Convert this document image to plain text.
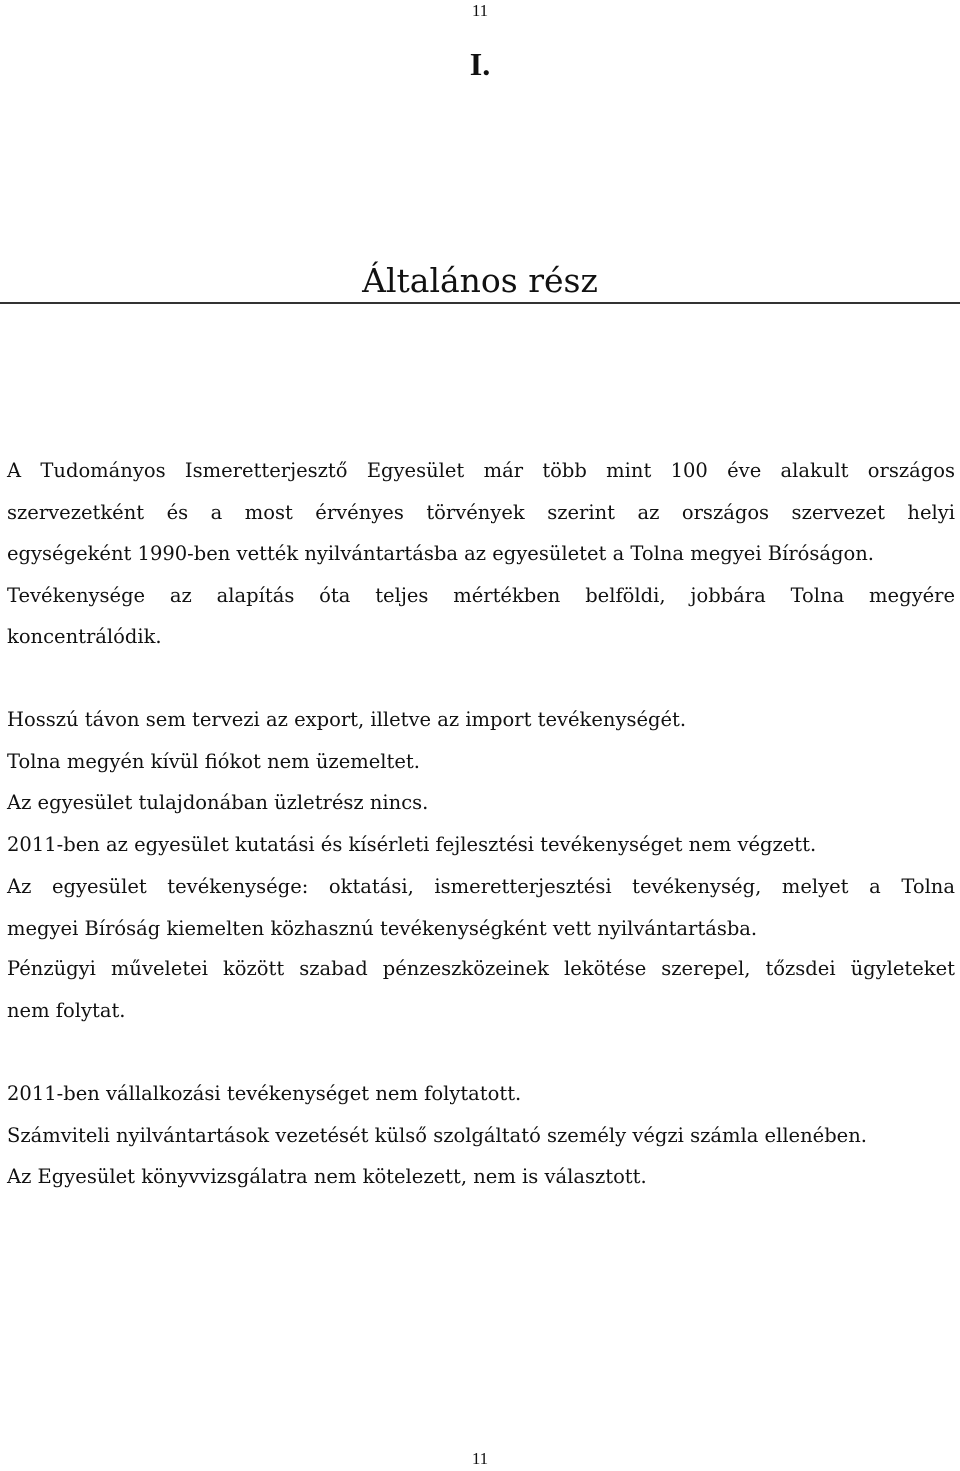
11
I.
Általános rész
A Tudományos Ismeretterjesztő Egyesület már több mint 100 éve alakult országos
szervezetként és a most érvényes törvények szerint az országos szervezet helyi
egységeként 1990-ben vették nyilvántartásba az egyesületet a Tolna megyei Bíróságon.
Tevékenysége az alapítás óta teljes mértékben belföldi, jobbára Tolna megyére
koncentrálódik.
Hosszú távon sem tervezi az export, illetve az import tevékenységét.
Tolna megyén kívül fiókot nem üzemeltet.
Az egyesület tulajdonában üzletrész nincs.
2011-ben az egyesület kutatási és kísérleti fejlesztési tevékenységet nem végzett.
Az egyesület tevékenysége: oktatási, ismeretterjesztési tevékenység, melyet a Tolna
megyei Bíróság kiemelten közhasznú tevékenységként vett nyilvántartásba.
Pénzügyi műveletei között szabad pénzeszközeinek lekötése szerepel, tőzsdei ügyleteket
nem folytat.
2011-ben vállalkozási tevékenységet nem folytatott.
Számviteli nyilvántartások vezetését külső szolgáltató személy végzi számla ellenében.
Az Egyesület könyvvizsgálatra nem kötelezett, nem is választott.
11
